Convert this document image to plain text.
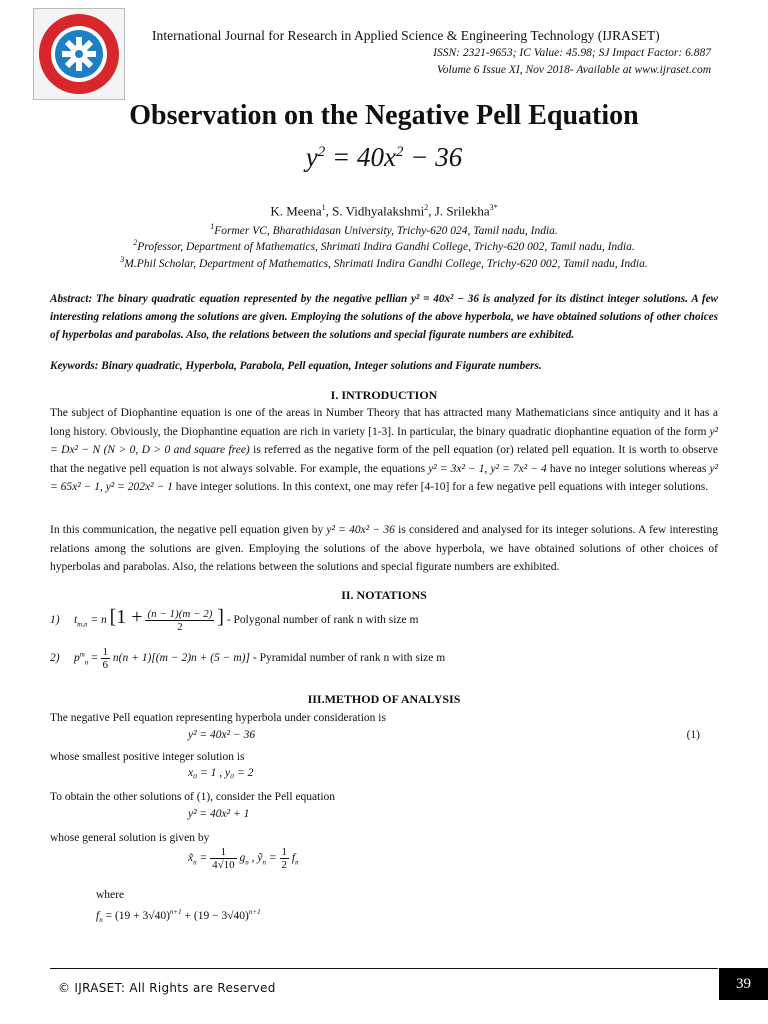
International Journal for Research in Applied Science & Engineering Technology (IJRASET)
ISSN: 2321-9653; IC Value: 45.98; SJ Impact Factor: 6.887
Volume 6 Issue XI, Nov 2018- Available at www.ijraset.com
Observation on the Negative Pell Equation
$y^2 = 40x^2 - 36$
K. Meena$^1$, S. Vidhyalakshmi$^2$, J. Srilekha$^{3*}$
$^1$Former VC, Bharathidasan University, Trichy-620 024, Tamil nadu, India.
$^2$Professor, Department of Mathematics, Shrimati Indira Gandhi College, Trichy-620 002, Tamil nadu, India.
$^3$M.Phil Scholar, Department of Mathematics, Shrimati Indira Gandhi College, Trichy-620 002, Tamil nadu, India.
Abstract: The binary quadratic equation represented by the negative pellian y² = 40x² − 36 is analyzed for its distinct integer solutions. A few interesting relations among the solutions are given. Employing the solutions of the above hyperbola, we have obtained solutions of other choices of hyperbolas and parabolas. Also, the relations between the solutions and special figurate numbers are exhibited.
Keywords: Binary quadratic, Hyperbola, Parabola, Pell equation, Integer solutions and Figurate numbers.
I. INTRODUCTION
The subject of Diophantine equation is one of the areas in Number Theory that has attracted many Mathematicians since antiquity and it has a long history. Obviously, the Diophantine equation are rich in variety [1-3]. In particular, the binary quadratic diophantine equation of the form y² = Dx² − N (N > 0, D > 0 and square free) is referred as the negative form of the pell equation (or) related pell equation. It is worth to observe that the negative pell equation is not always solvable. For example, the equations y² = 3x² − 1, y² = 7x² − 4 have no integer solutions whereas y² = 65x² − 1, y² = 202x² − 1 have integer solutions. In this context, one may refer [4-10] for a few negative pell equations with integer solutions.
In this communication, the negative pell equation given by y² = 40x² − 36 is considered and analysed for its integer solutions. A few interesting relations among the solutions are given. Employing the solutions of the above hyperbola, we have obtained solutions of other choices of hyperbolas and parabolas. Also, the relations between the solutions and special figurate numbers are exhibited.
II. NOTATIONS
1) $t_{m,n} = n$ [$1 + \frac{(n - 1)(m - 2)}{2}$ ] - Polygonal number of rank n with size m
2) $p^m_n = \frac{1}{6} n(n + 1)[(m - 2)n + (5 - m)]$ - Pyramidal number of rank n with size m
III.METHOD OF ANALYSIS
The negative Pell equation representing hyperbola under consideration is
y² = 40x² − 36	(1)
whose smallest positive integer solution is
x₀ = 1 , y₀ = 2
To obtain the other solutions of (1), consider the Pell equation
y² = 40x² + 1
whose general solution is given by
$x̃_n = \frac{1}{4√10} g_n$ , ỹ$_n$ = $\frac{1}{2} f_n$
where
$f_n = (19 + 3√40)^{n+1} + (19 - 3√40)^{n+1}$
© IJRASET: All Rights are Reserved	39
